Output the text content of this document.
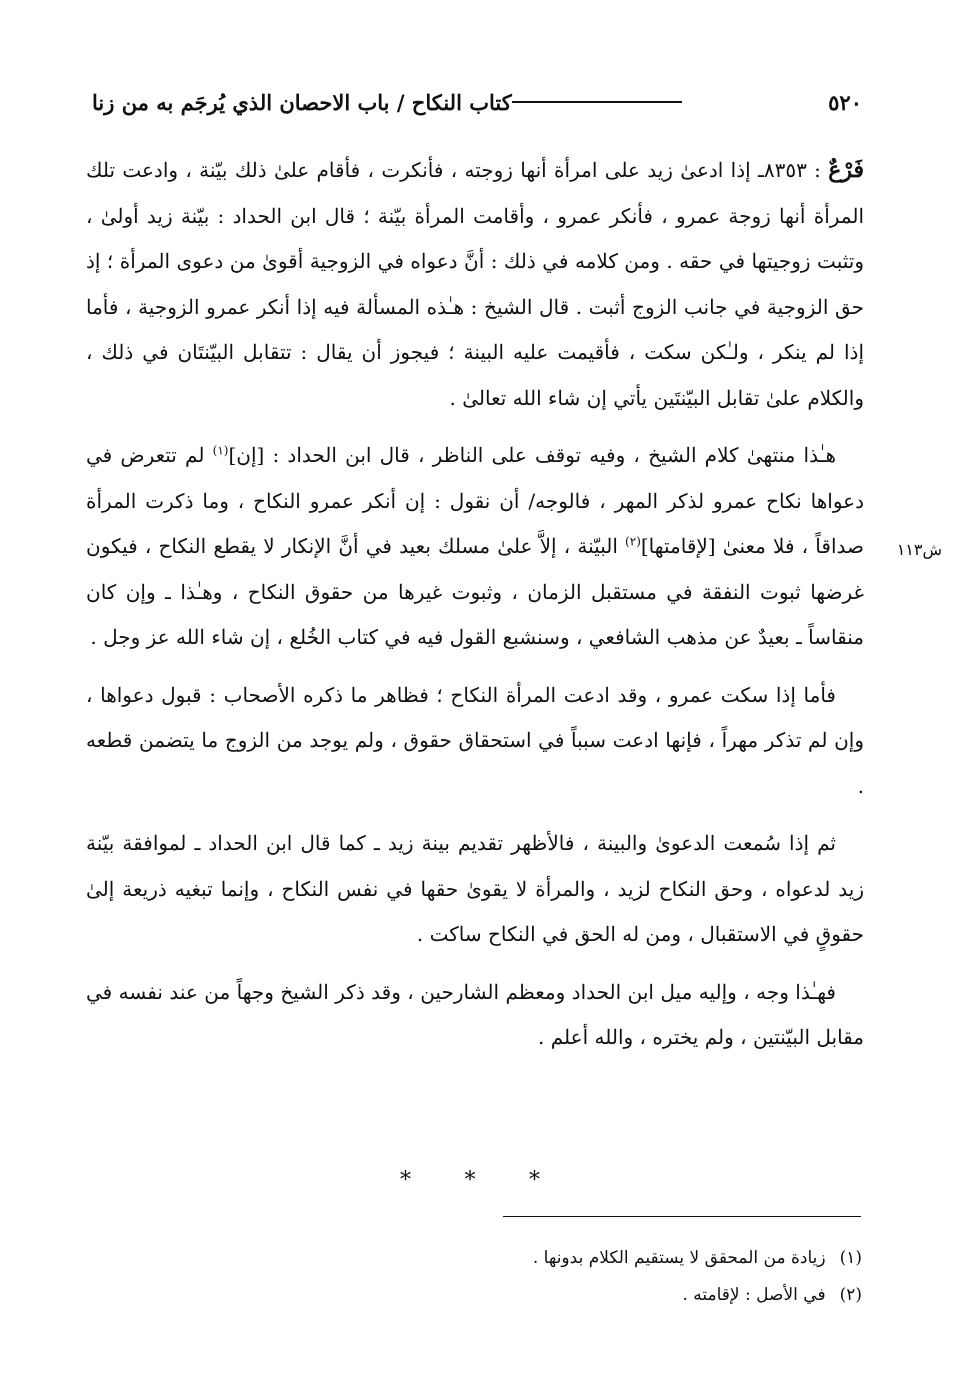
٥٢٠
كتاب النكاح / باب الاحصان الذي يُرجَم به من زنا
ش١١٣

فَرْعٌ : ٨٣٥٣ـ إذا ادعىٰ زيد على امرأة أنها زوجته ، فأنكرت ، فأقام علىٰ ذلك بيّنة ، وادعت تلك المرأة أنها زوجة عمرو ، فأنكر عمرو ، وأقامت المرأة بيّنة ؛ قال ابن الحداد : بيّنة زيد أولىٰ ، وتثبت زوجيتها في حقه . ومن كلامه في ذلك : أنَّ دعواه في الزوجية أقوىٰ من دعوى المرأة ؛ إذ حق الزوجية في جانب الزوج أثبت . قال الشيخ : هـٰذه المسألة فيه إذا أنكر عمرو الزوجية ، فأما إذا لم ينكر ، ولـٰكن سكت ، فأقيمت عليه البينة ؛ فيجوز أن يقال : تتقابل البيّنتَان في ذلك ، والكلام علىٰ تقابل البيّنتَين يأتي إن شاء الله تعالىٰ .

هـٰذا منتهىٰ كلام الشيخ ، وفيه توقف على الناظر ، قال ابن الحداد : [إن]$^{(١)}$ لم تتعرض في دعواها نكاح عمرو لذكر المهر ، فالوجه/ أن نقول : إن أنكر عمرو النكاح ، وما ذكرت المرأة صداقاً ، فلا معنىٰ [لإقامتها]$^{(٢)}$ البيّنة ، إلاَّ علىٰ مسلك بعيد في أنَّ الإنكار لا يقطع النكاح ، فيكون غرضها ثبوت النفقة في مستقبل الزمان ، وثبوت غيرها من حقوق النكاح ، وهـٰذا ـ وإن كان منقاساً ـ بعيدٌ عن مذهب الشافعي ، وسنشبع القول فيه في كتاب الخُلع ، إن شاء الله عز وجل .

فأما إذا سكت عمرو ، وقد ادعت المرأة النكاح ؛ فظاهر ما ذكره الأصحاب : قبول دعواها ، وإن لم تذكر مهراً ، فإنها ادعت سبباً في استحقاق حقوق ، ولم يوجد من الزوج ما يتضمن قطعه .

ثم إذا سُمعت الدعوىٰ والبينة ، فالأظهر تقديم بينة زيد ـ كما قال ابن الحداد ـ لموافقة بيّنة زيد لدعواه ، وحق النكاح لزيد ، والمرأة لا يقوىٰ حقها في نفس النكاح ، وإنما تبغيه ذريعة إلىٰ حقوقٍ في الاستقبال ، ومن له الحق في النكاح ساكت .

فهـٰذا وجه ، وإليه ميل ابن الحداد ومعظم الشارحين ، وقد ذكر الشيخ وجهاً من عند نفسه في مقابل البيّنتين ، ولم يختره ، والله أعلم .

* * *
(١)
زيادة من المحقق لا يستقيم الكلام بدونها .
(٢)
في الأصل : لإقامته .
